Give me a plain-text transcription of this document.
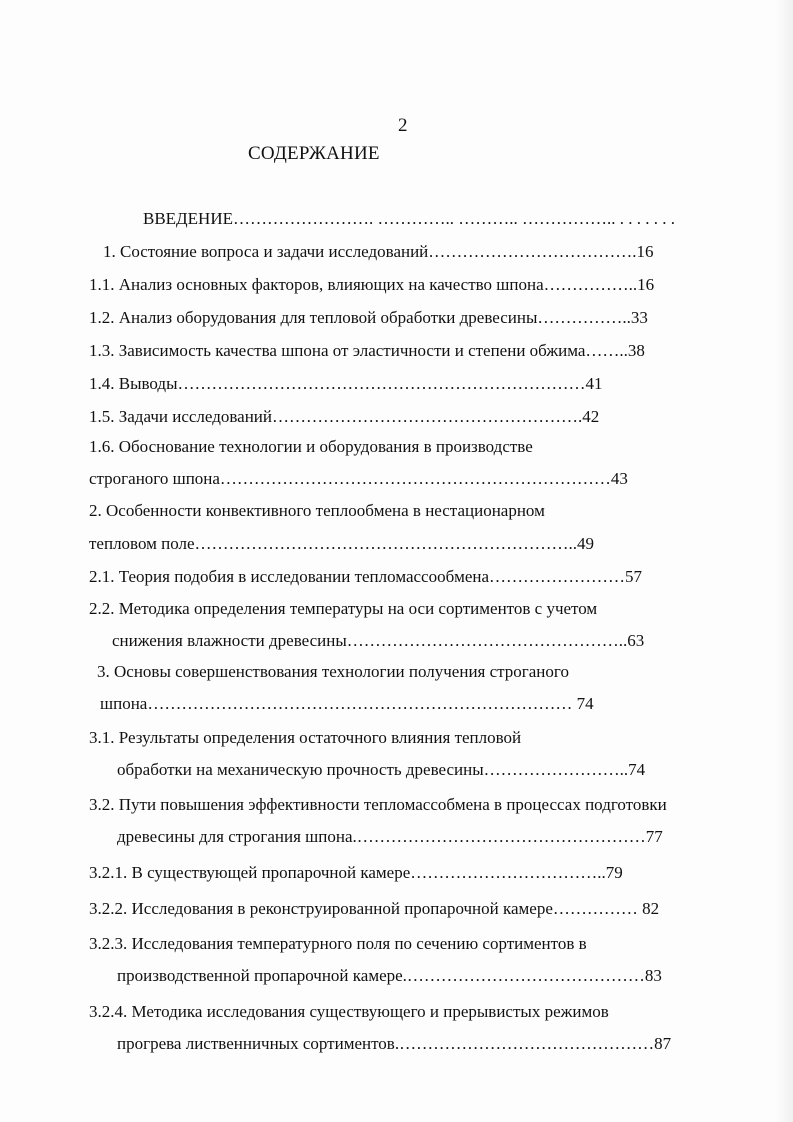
2
СОДЕРЖАНИЕ
ВВЕДЕНИЕ……………………. ………….. ……….. …………….. . . . . . . .
1. Состояние вопроса и задачи исследований……………………………….16
1.1. Анализ основных факторов, влияющих на качество шпона……………..16
1.2. Анализ оборудования для тепловой обработки древесины……………..33
1.3. Зависимость качества шпона от эластичности и степени обжима……..38
1.4. Выводы………………………………………………………………41
1.5. Задачи исследований……………………………………………….42
1.6. Обоснование технологии и оборудования в производстве
строганого шпона……………………………………………………………43
2. Особенности конвективного теплообмена в нестационарном
тепловом поле…………………………………………………………..49
2.1. Теория подобия в исследовании тепломассообмена……………………57
2.2. Методика определения температуры на оси сортиментов с учетом
снижения влажности древесины…………………………………………..63
3. Основы совершенствования технологии получения строганого
шпона………………………………………………………………… 74
3.1. Результаты определения остаточного влияния тепловой
обработки на механическую прочность древесины……………………..74
3.2. Пути повышения эффективности тепломассобмена в процессах подготовки
древесины для строгания шпона.……………………………………………77
3.2.1. В существующей пропарочной камере……………………………..79
3.2.2. Исследования в реконструированной пропарочной камере…………… 82
3.2.3. Исследования температурного поля по сечению сортиментов в
производственной пропарочной камере.……………………………………83
3.2.4. Методика исследования существующего и прерывистых режимов
прогрева лиственничных сортиментов.………………………………………87
